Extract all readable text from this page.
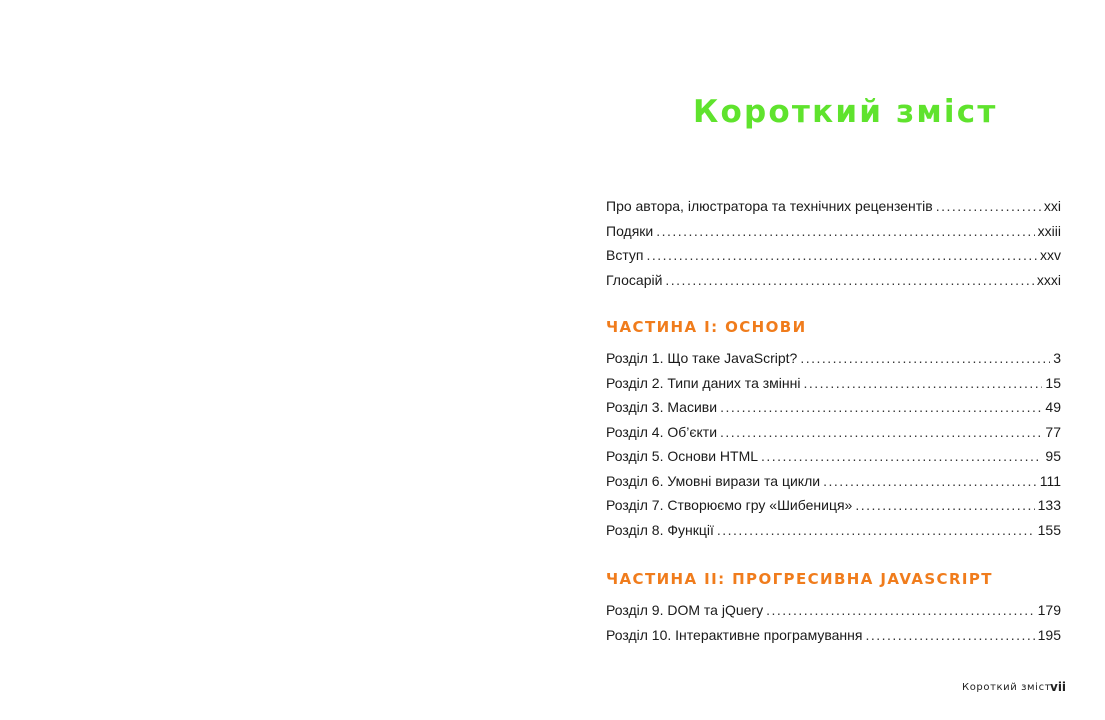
Короткий зміст
Про автора, ілюстратора та технічних рецензентів . . .	xxi
Подяки . . .	xxiii
Вступ . . .	xxv
Глосарій . . .	xxxi
ЧАСТИНА I: ОСНОВИ
Розділ 1. Що таке JavaScript? . . .	3
Розділ 2. Типи даних та змінні . . .	15
Розділ 3. Масиви . . .	49
Розділ 4. Об’єкти . . .	77
Розділ 5. Основи HTML . . .	95
Розділ 6. Умовні вирази та цикли . . .	111
Розділ 7. Створюємо гру «Шибениця» . . .	133
Розділ 8. Функції . . .	155
ЧАСТИНА II: ПРОГРЕСИВНА JAVASCRIPT
Розділ 9. DOM та jQuery . . .	179
Розділ 10. Інтерактивне програмування . . .	195
Короткий зміст
vii
